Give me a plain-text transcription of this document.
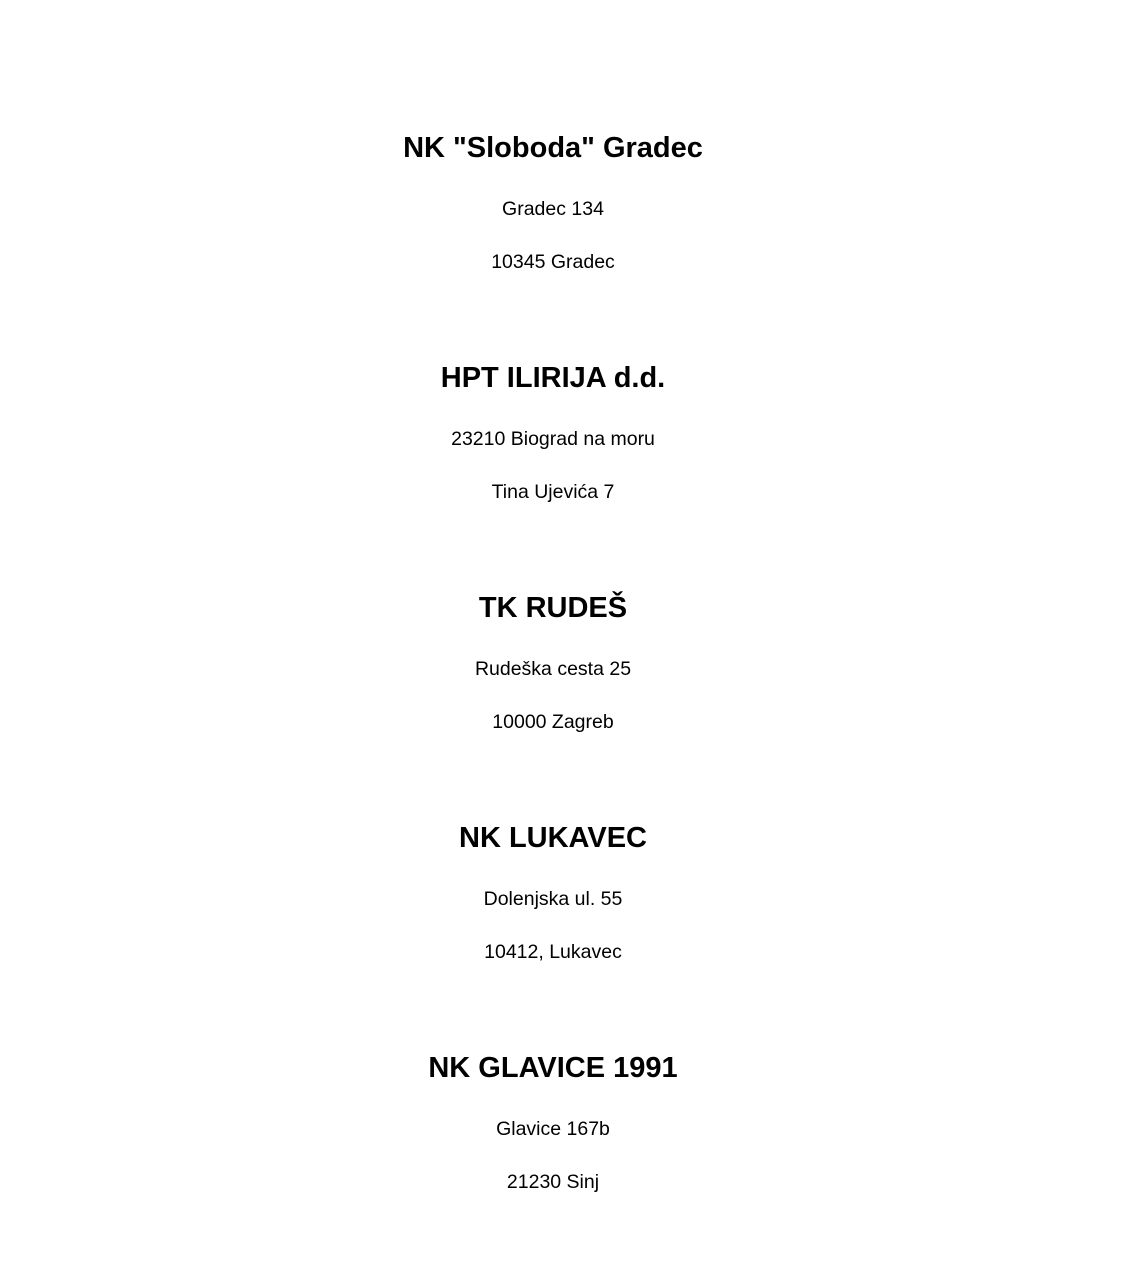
NK "Sloboda" Gradec
Gradec 134
10345 Gradec
HPT ILIRIJA d.d.
23210 Biograd na moru
Tina Ujevića 7
TK RUDEŠ
Rudeška cesta 25
10000 Zagreb
NK LUKAVEC
Dolenjska ul. 55
10412, Lukavec
NK GLAVICE 1991
Glavice 167b
21230 Sinj
